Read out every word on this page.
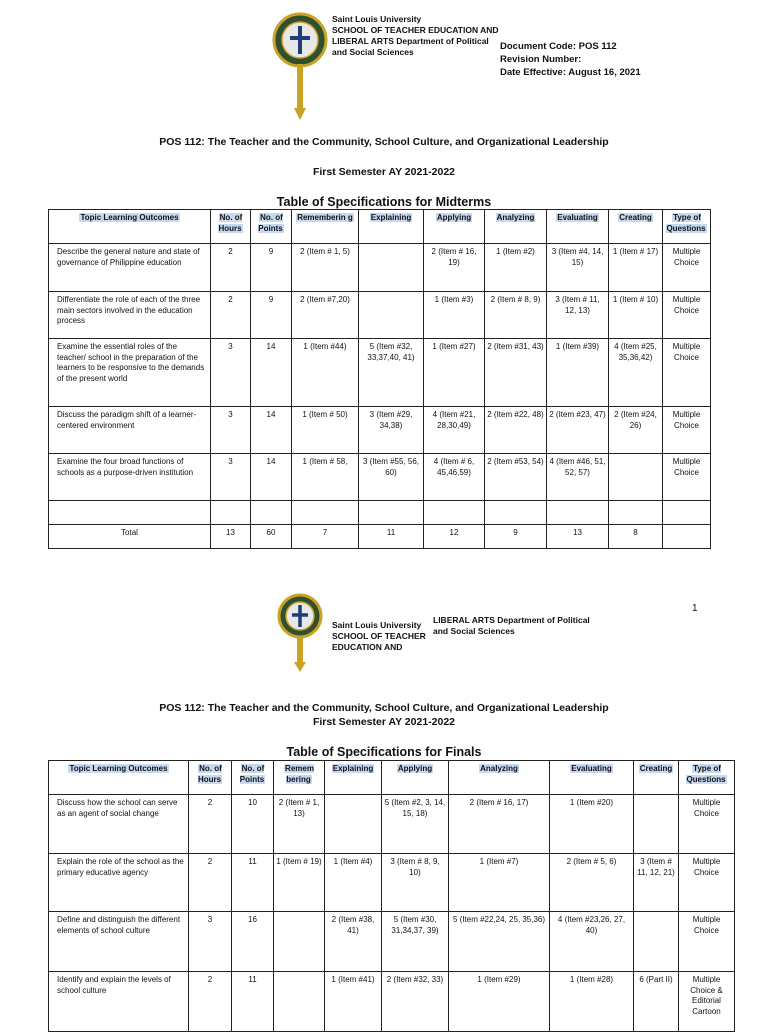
Saint Louis University
SCHOOL OF TEACHER EDUCATION AND
LIBERAL ARTS Department of Political
and Social Sciences	Document Code: POS 112
Revision Number:
Date Effective: August 16, 2021
POS 112: The Teacher and the Community, School Culture, and Organizational Leadership
First Semester AY 2021-2022
Table of Specifications for Midterms
Topic Learning Outcomes	No. of Hours	No. of Points	Rememberin g	Explaining	Applying	Analyzing	Evaluating	Creating	Type of Questions
Describe the general nature and state of governance of Philippine education	2	9	2 (Item # 1, 5)		2 (Item # 16, 19)	1 (Item #2)	3 (Item #4, 14, 15)	1 (Item # 17)	Multiple Choice
Differentiate the role of each of the three main sectors involved in the education process	2	9	2 (Item #7,20)		1 (Item #3)	2 (Item # 8, 9)	3 (Item # 11, 12, 13)	1 (Item # 10)	Multiple Choice
Examine the essential roles of the teacher/ school in the preparation of the learners to be responsive to the demands of the present world	3	14	1 (Item #44)	5 (Item #32, 33,37,40, 41)	1 (Item #27)	2 (Item #31, 43)	1 (Item #39)	4 (Item #25, 35,36,42)	Multiple Choice
Discuss the paradigm shift of a learner-centered environment	3	14	1 (Item # 50)	3 (Item #29, 34,38)	4 (Item #21, 28,30,49)	2 (Item #22, 48)	2 (Item #23, 47)	2 (Item #24, 26)	Multiple Choice
Examine the four broad functions of schools as a purpose-driven institution	3	14	1 (Item # 58,	3 (Item #55, 56, 60)	4 (Item # 6, 45,46,59)	2 (Item #53, 54)	4 (Item #46, 51, 52, 57)		Multiple Choice

Total	13	60	7	11	12	9	13	8	
1
Saint Louis University
SCHOOL OF TEACHER
EDUCATION AND
LIBERAL ARTS Department of Political
and Social Sciences
POS 112: The Teacher and the Community, School Culture, and Organizational Leadership
First Semester AY 2021-2022
Table of Specifications for Finals
Topic Learning Outcomes	No. of Hours	No. of Points	Remem bering	Explaining	Applying	Analyzing	Evaluating	Creating	Type of Questions
Discuss how the school can serve as an agent of social change	2	10	2 (Item # 1, 13)		5 (Item #2, 3, 14, 15, 18)	2 (Item # 16, 17)	1 (Item #20)		Multiple Choice
Explain the role of the school as the primary educative agency	2	11	1 (Item # 19)	1 (Item #4)	3 (Item # 8, 9, 10)	1 (Item #7)	2 (Item # 5, 6)	3 (Item # 11, 12, 21)	Multiple Choice
Define and distinguish the different elements of school culture	3	16		2 (Item #38, 41)	5 (Item #30, 31,34,37, 39)	5 (Item #22,24, 25, 35,36)	4 (Item #23,26, 27, 40)		Multiple Choice
Identify and explain the levels of school culture	2	11		1 (Item #41)	2 (Item #32, 33)	1 (Item #29)	1 (Item #28)	6 (Part II)	Multiple Choice & Editorial Cartoon
